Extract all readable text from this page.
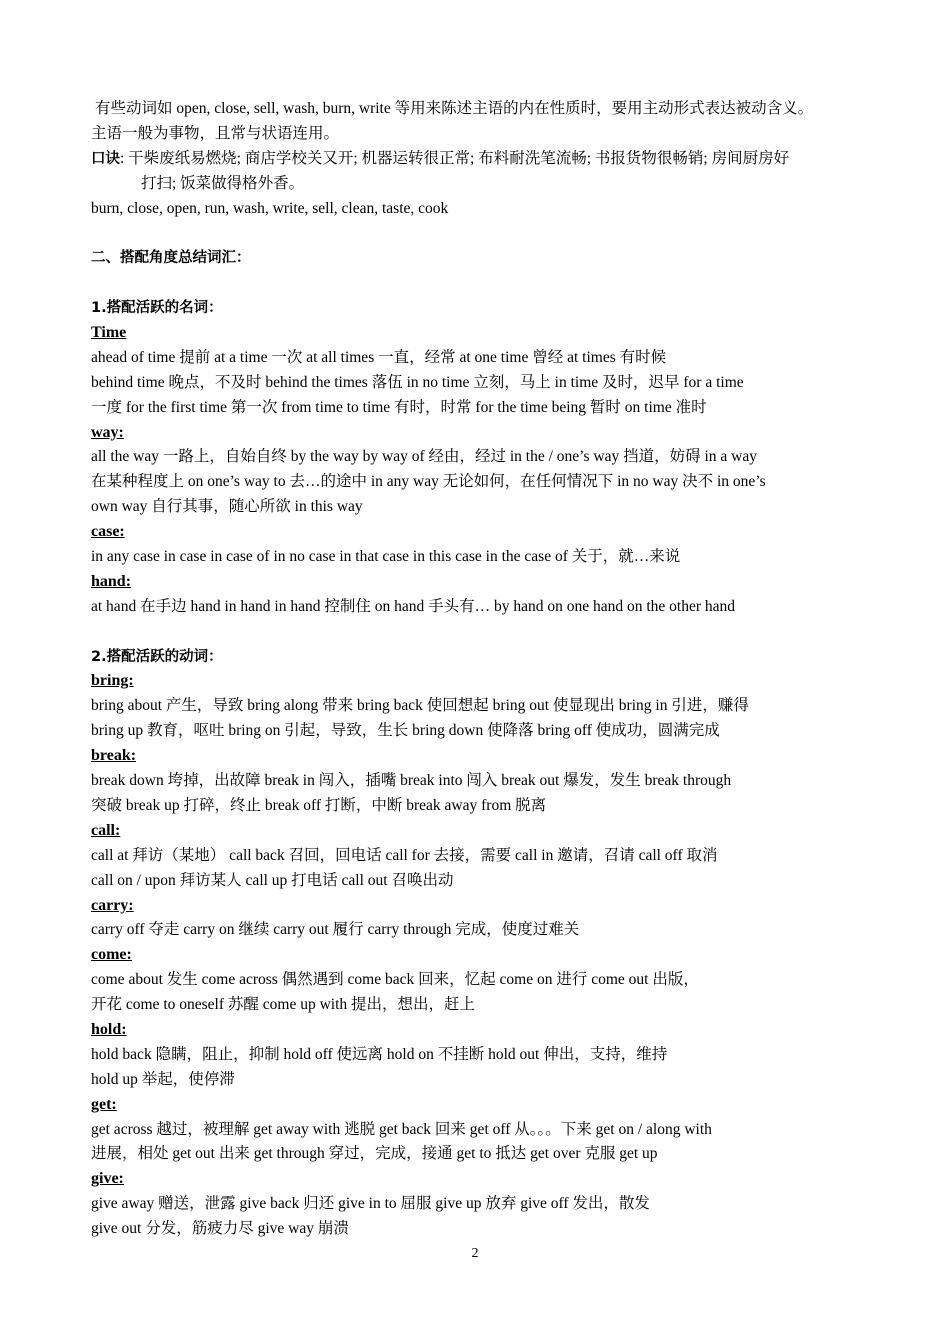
有些动词如 open, close, sell, wash, burn, write 等用来陈述主语的内在性质时，要用主动形式表达被动含义。
主语一般为事物，且常与状语连用。
口诀: 干柴废纸易燃烧; 商店学校关又开; 机器运转很正常; 布料耐洗笔流畅; 书报货物很畅销; 房间厨房好
打扫; 饭菜做得格外香。
burn, close, open, run, wash, write, sell, clean, taste, cook
二、搭配角度总结词汇：
1.搭配活跃的名词：
Time
ahead of time 提前 at a time 一次 at all times 一直，经常 at one time 曾经 at times 有时候
behind time 晚点，不及时 behind the times 落伍 in no time 立刻，马上 in time 及时，迟早 for a time
一度 for the first time 第一次 from time to time 有时，时常 for the time being 暂时 on time 准时
way:
all the way 一路上，自始自终 by the way by way of 经由，经过 in the / one’s way 挡道，妨碍 in a way
在某种程度上 on one’s way to 去…的途中 in any way 无论如何，在任何情况下 in no way 决不 in one’s
own way 自行其事，随心所欲 in this way
case:
in any case in case in case of in no case in that case in this case in the case of 关于，就…来说
hand:
at hand 在手边 hand in hand in hand 控制住 on hand 手头有… by hand on one hand on the other hand
2.搭配活跃的动词：
bring:
bring about 产生，导致 bring along 带来 bring back 使回想起 bring out 使显现出 bring in 引进，赚得
bring up 教育，呕吐 bring on 引起，导致，生长 bring down 使降落 bring off 使成功，圆满完成
break:
break down 垮掉，出故障 break in 闯入，插嘴 break into 闯入 break out 爆发，发生 break through
突破 break up 打碎，终止 break off 打断，中断 break away from 脱离
call:
call at 拜访（某地） call back 召回，回电话 call for 去接，需要 call in 邀请，召请 call off 取消
call on / upon 拜访某人 call up 打电话 call out 召唤出动
carry:
carry off 夺走 carry on 继续 carry out 履行 carry through 完成，使度过难关
come:
come about 发生 come across 偶然遇到 come back 回来，忆起 come on 进行 come out 出版，
开花 come to oneself 苏醒 come up with 提出，想出，赶上
hold:
hold back 隐瞒，阻止，抑制 hold off 使远离 hold on 不挂断 hold out 伸出，支持，维持
hold up 举起，使停滞
get:
get across 越过，被理解 get away with 逃脱 get back 回来 get off 从。。。下来 get on / along with
进展，相处 get out 出来 get through 穿过，完成，接通 get to 抵达 get over 克服 get up
give:
give away 赠送，泄露 give back 归还 give in to 屈服 give up 放弃 give off 发出，散发
give out 分发，筋疲力尽 give way 崩溃
2
